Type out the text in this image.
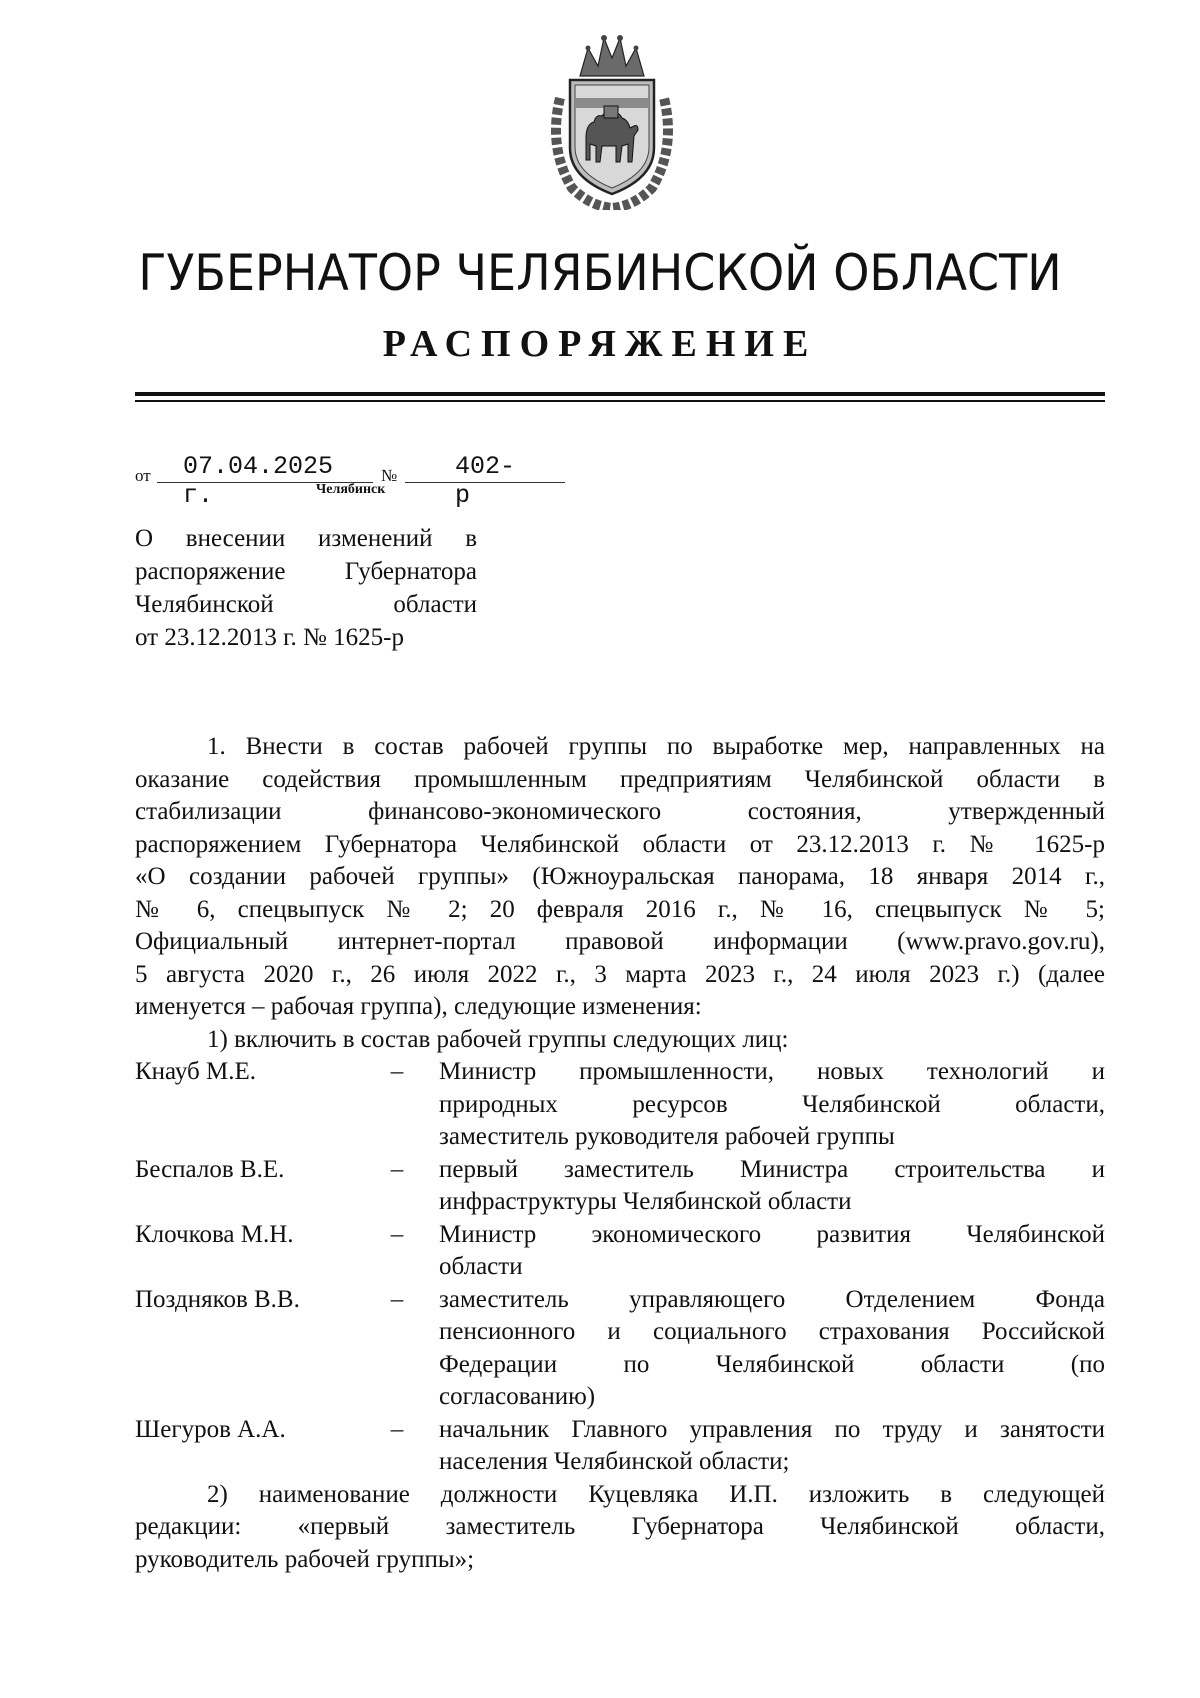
ГУБЕРНАТОР ЧЕЛЯБИНСКОЙ ОБЛАСТИ
РАСПОРЯЖЕНИЕ
от 07.04.2025 г.
№ 402-р
Челябинск
О внесении изменений в
распоряжение Губернатора
Челябинской области
от 23.12.2013 г. № 1625-р
1. Внести в состав рабочей группы по выработке мер, направленных на
оказание содействия промышленным предприятиям Челябинской области в
стабилизации финансово-экономического состояния, утвержденный
распоряжением Губернатора Челябинской области от 23.12.2013 г. № 1625-р
«О создании рабочей группы» (Южноуральская панорама, 18 января 2014 г.,
№ 6, спецвыпуск № 2; 20 февраля 2016 г., № 16, спецвыпуск № 5;
Официальный интернет-портал правовой информации (www.pravo.gov.ru),
5 августа 2020 г., 26 июля 2022 г., 3 марта 2023 г., 24 июля 2023 г.) (далее
именуется – рабочая группа), следующие изменения:
1) включить в состав рабочей группы следующих лиц:
Кнауб М.Е.	–	Министр промышленности, новых технологий и
природных ресурсов Челябинской области,
заместитель руководителя рабочей группы
Беспалов В.Е.	–	первый заместитель Министра строительства и
инфраструктуры Челябинской области
Клочкова М.Н.	–	Министр экономического развития Челябинской
области
Поздняков В.В.	–	заместитель управляющего Отделением Фонда
пенсионного и социального страхования Российской
Федерации по Челябинской области (по
согласованию)
Шегуров А.А.	–	начальник Главного управления по труду и занятости
населения Челябинской области;
2) наименование должности Куцевляка И.П. изложить в следующей
редакции: «первый заместитель Губернатора Челябинской области,
руководитель рабочей группы»;
